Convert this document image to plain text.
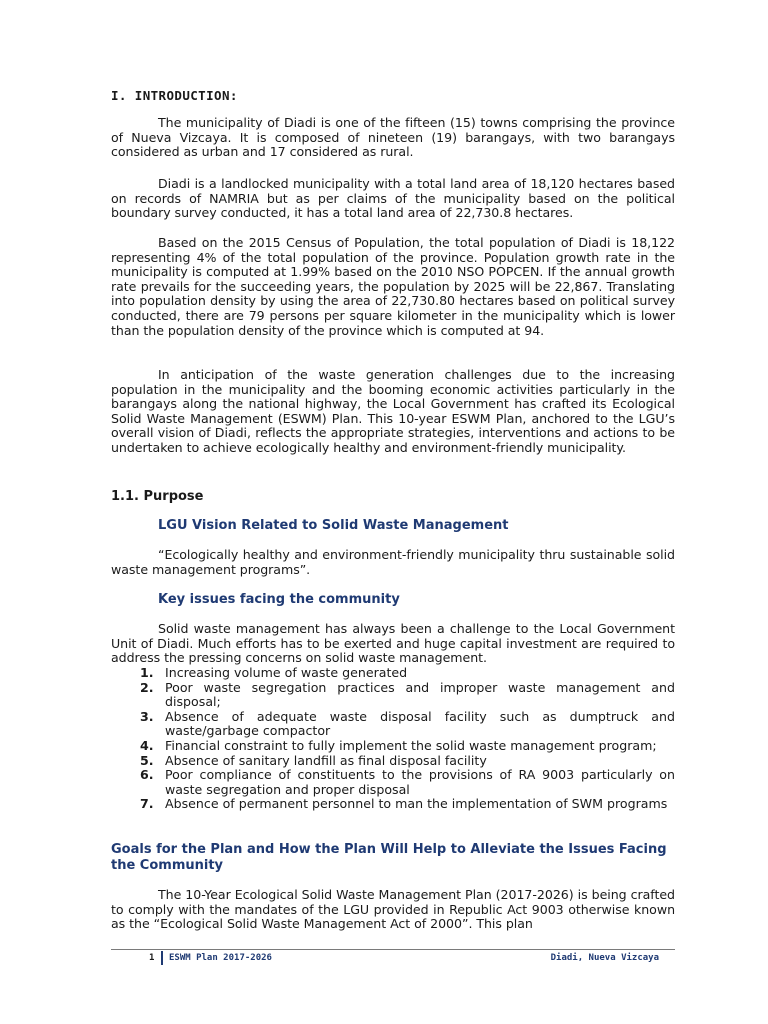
I. INTRODUCTION:
The municipality of Diadi is one of the fifteen (15) towns comprising the province of Nueva Vizcaya. It is composed of nineteen (19) barangays, with two barangays considered as urban and 17 considered as rural.
Diadi is a landlocked municipality with a total land area of 18,120 hectares based on records of NAMRIA but as per claims of the municipality based on the political boundary survey conducted, it has a total land area of 22,730.8 hectares.
Based on the 2015 Census of Population, the total population of Diadi is 18,122 representing 4% of the total population of the province. Population growth rate in the municipality is computed at 1.99% based on the 2010 NSO POPCEN. If the annual growth rate prevails for the succeeding years, the population by 2025 will be 22,867. Translating into population density by using the area of 22,730.80 hectares based on political survey conducted, there are 79 persons per square kilometer in the municipality which is lower than the population density of the province which is computed at 94.
In anticipation of the waste generation challenges due to the increasing population in the municipality and the booming economic activities particularly in the barangays along the national highway, the Local Government has crafted its Ecological Solid Waste Management (ESWM) Plan. This 10-year ESWM Plan, anchored to the LGU’s overall vision of Diadi, reflects the appropriate strategies, interventions and actions to be undertaken to achieve ecologically healthy and environment-friendly municipality.
1.1. Purpose
LGU Vision Related to Solid Waste Management
“Ecologically healthy and environment-friendly municipality thru sustainable solid waste management programs”.
Key issues facing the community
Solid waste management has always been a challenge to the Local Government Unit of Diadi. Much efforts has to be exerted and huge capital investment are required to address the pressing concerns on solid waste management.
1. Increasing volume of waste generated
2. Poor waste segregation practices and improper waste management and disposal;
3. Absence of adequate waste disposal facility such as dumptruck and waste/garbage compactor
4. Financial constraint to fully implement the solid waste management program;
5. Absence of sanitary landfill as final disposal facility
6. Poor compliance of constituents to the provisions of RA 9003 particularly on waste segregation and proper disposal
7. Absence of permanent personnel to man the implementation of SWM programs
Goals for the Plan and How the Plan Will Help to Alleviate the Issues Facing the Community
The 10-Year Ecological Solid Waste Management Plan (2017-2026) is being crafted to comply with the mandates of the LGU provided in Republic Act 9003 otherwise known as the “Ecological Solid Waste Management Act of 2000”. This plan
1 ESWM Plan 2017-2026	Diadi, Nueva Vizcaya
